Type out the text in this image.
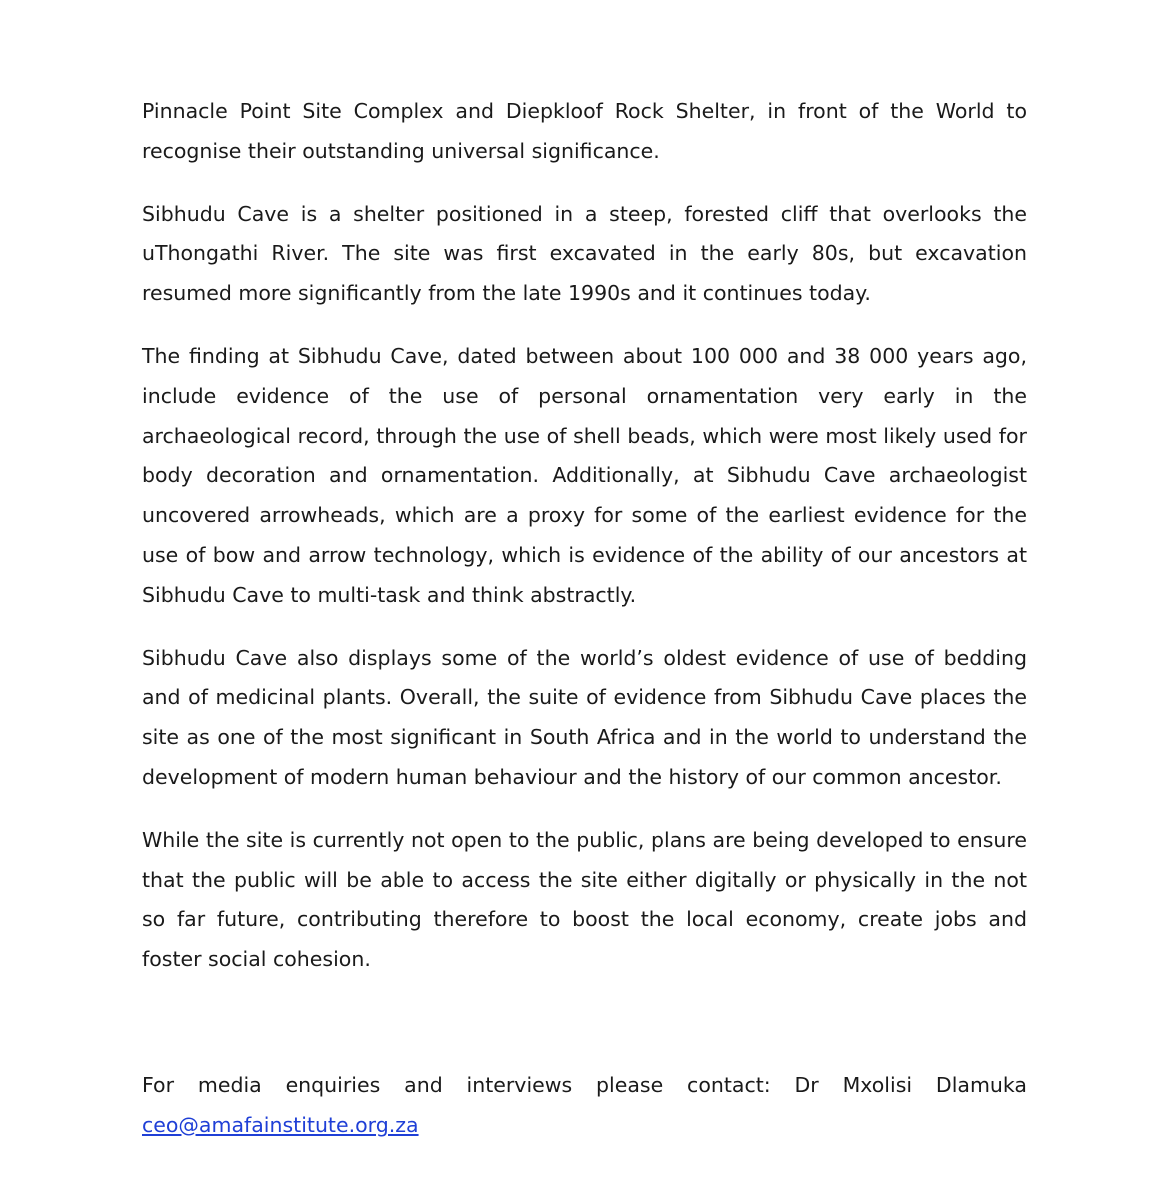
Pinnacle Point Site Complex and Diepkloof Rock Shelter, in front of the World to recognise their outstanding universal significance.

Sibhudu Cave is a shelter positioned in a steep, forested cliff that overlooks the uThongathi River. The site was first excavated in the early 80s, but excavation resumed more significantly from the late 1990s and it continues today.

The finding at Sibhudu Cave, dated between about 100 000 and 38 000 years ago, include evidence of the use of personal ornamentation very early in the archaeological record, through the use of shell beads, which were most likely used for body decoration and ornamentation. Additionally, at Sibhudu Cave archaeologist uncovered arrowheads, which are a proxy for some of the earliest evidence for the use of bow and arrow technology, which is evidence of the ability of our ancestors at Sibhudu Cave to multi-task and think abstractly.

Sibhudu Cave also displays some of the world’s oldest evidence of use of bedding and of medicinal plants. Overall, the suite of evidence from Sibhudu Cave places the site as one of the most significant in South Africa and in the world to understand the development of modern human behaviour and the history of our common ancestor.

While the site is currently not open to the public, plans are being developed to ensure that the public will be able to access the site either digitally or physically in the not so far future, contributing therefore to boost the local economy, create jobs and foster social cohesion.

For media enquiries and interviews please contact: Dr Mxolisi Dlamuka ceo@amafainstitute.org.za
